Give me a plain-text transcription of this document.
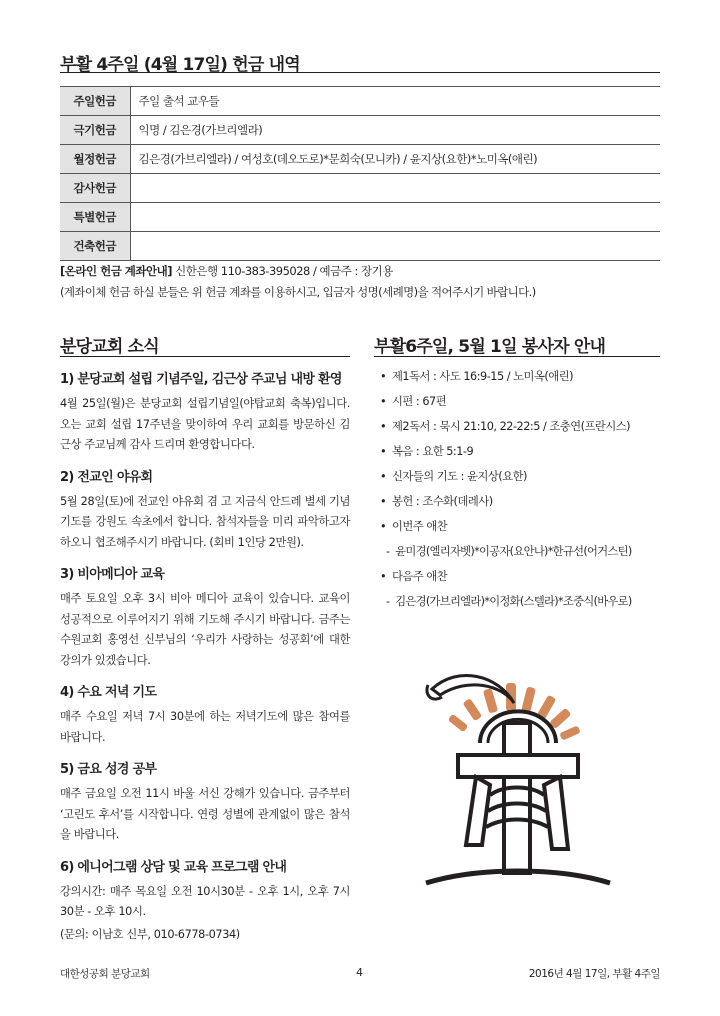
부활 4주일 (4월 17일) 헌금 내역
주일헌금	주일 출석 교우들
극기헌금	익명 / 김은경(가브리엘라)
월정헌금	김은경(가브리엘라) / 여성호(데오도로)*문희숙(모니카) / 윤지상(요한)*노미옥(애린)
감사헌금	
특별헌금	
건축헌금	
[온라인 헌금 계좌안내] 신한은행 110-383-395028 / 예금주 : 장기용
(계좌이체 헌금 하실 분들은 위 헌금 계좌를 이용하시고, 입금자 성명(세례명)을 적어주시기 바랍니다.)
분당교회 소식
1) 분당교회 설립 기념주일, 김근상 주교님 내방 환영

4월 25일(월)은 분당교회 설립기념일(야탑교회 축복)입니다. 오는 교회 설립 17주년을 맞이하여 우리 교회를 방문하신 김근상 주교님께 감사 드리며 환영합니다다.

2) 전교인 야유회

5월 28일(토)에 전교인 야유회 겸 고 지금식 안드레 별세 기념 기도를 강원도 속초에서 합니다. 참석자들을 미리 파악하고자 하오니 협조해주시기 바랍니다. (회비 1인당 2만원).

3) 비아메디아 교육

매주 토요일 오후 3시 비아 메디아 교육이 있습니다. 교육이 성공적으로 이루어지기 위해 기도해 주시기 바랍니다. 금주는 수원교회 홍영선 신부님의 ‘우리가 사랑하는 성공회’에 대한 강의가 있겠습니다.

4) 수요 저녁 기도

매주 수요일 저녁 7시 30분에 하는 저녁기도에 많은 참여를 바랍니다.

5) 금요 성경 공부

매주 금요일 오전 11시 바울 서신 강해가 있습니다. 금주부터 ‘고린도 후서’를 시작합니다. 연령 성별에 관계없이 많은 참석을 바랍니다.

6) 에니어그램 상담 및 교육 프로그램 안내

강의시간: 매주 목요일 오전 10시30분 - 오후 1시, 오후 7시 30분 - 오후 10시.

(문의: 이남호 신부, 010-6778-0734)

부활6주일, 5월 1일 봉사자 안내
• 제1독서 : 사도 16:9-15 / 노미옥(애린)
• 시편 : 67편
• 제2독서 : 묵시 21:10, 22-22:5 / 조충연(프란시스)
• 복음 : 요한 5:1-9
• 신자들의 기도 : 윤지상(요한)
• 봉헌 : 조수화(데레사)
• 이번주 애찬
- 윤미경(엘리자벳)*이공자(요안나)*한규선(어거스틴)
• 다음주 애찬
- 김은경(가브리엘라)*이정화(스텔라)*조중식(바우로)
대한성공회 분당교회	4	2016년 4월 17일, 부활 4주일
